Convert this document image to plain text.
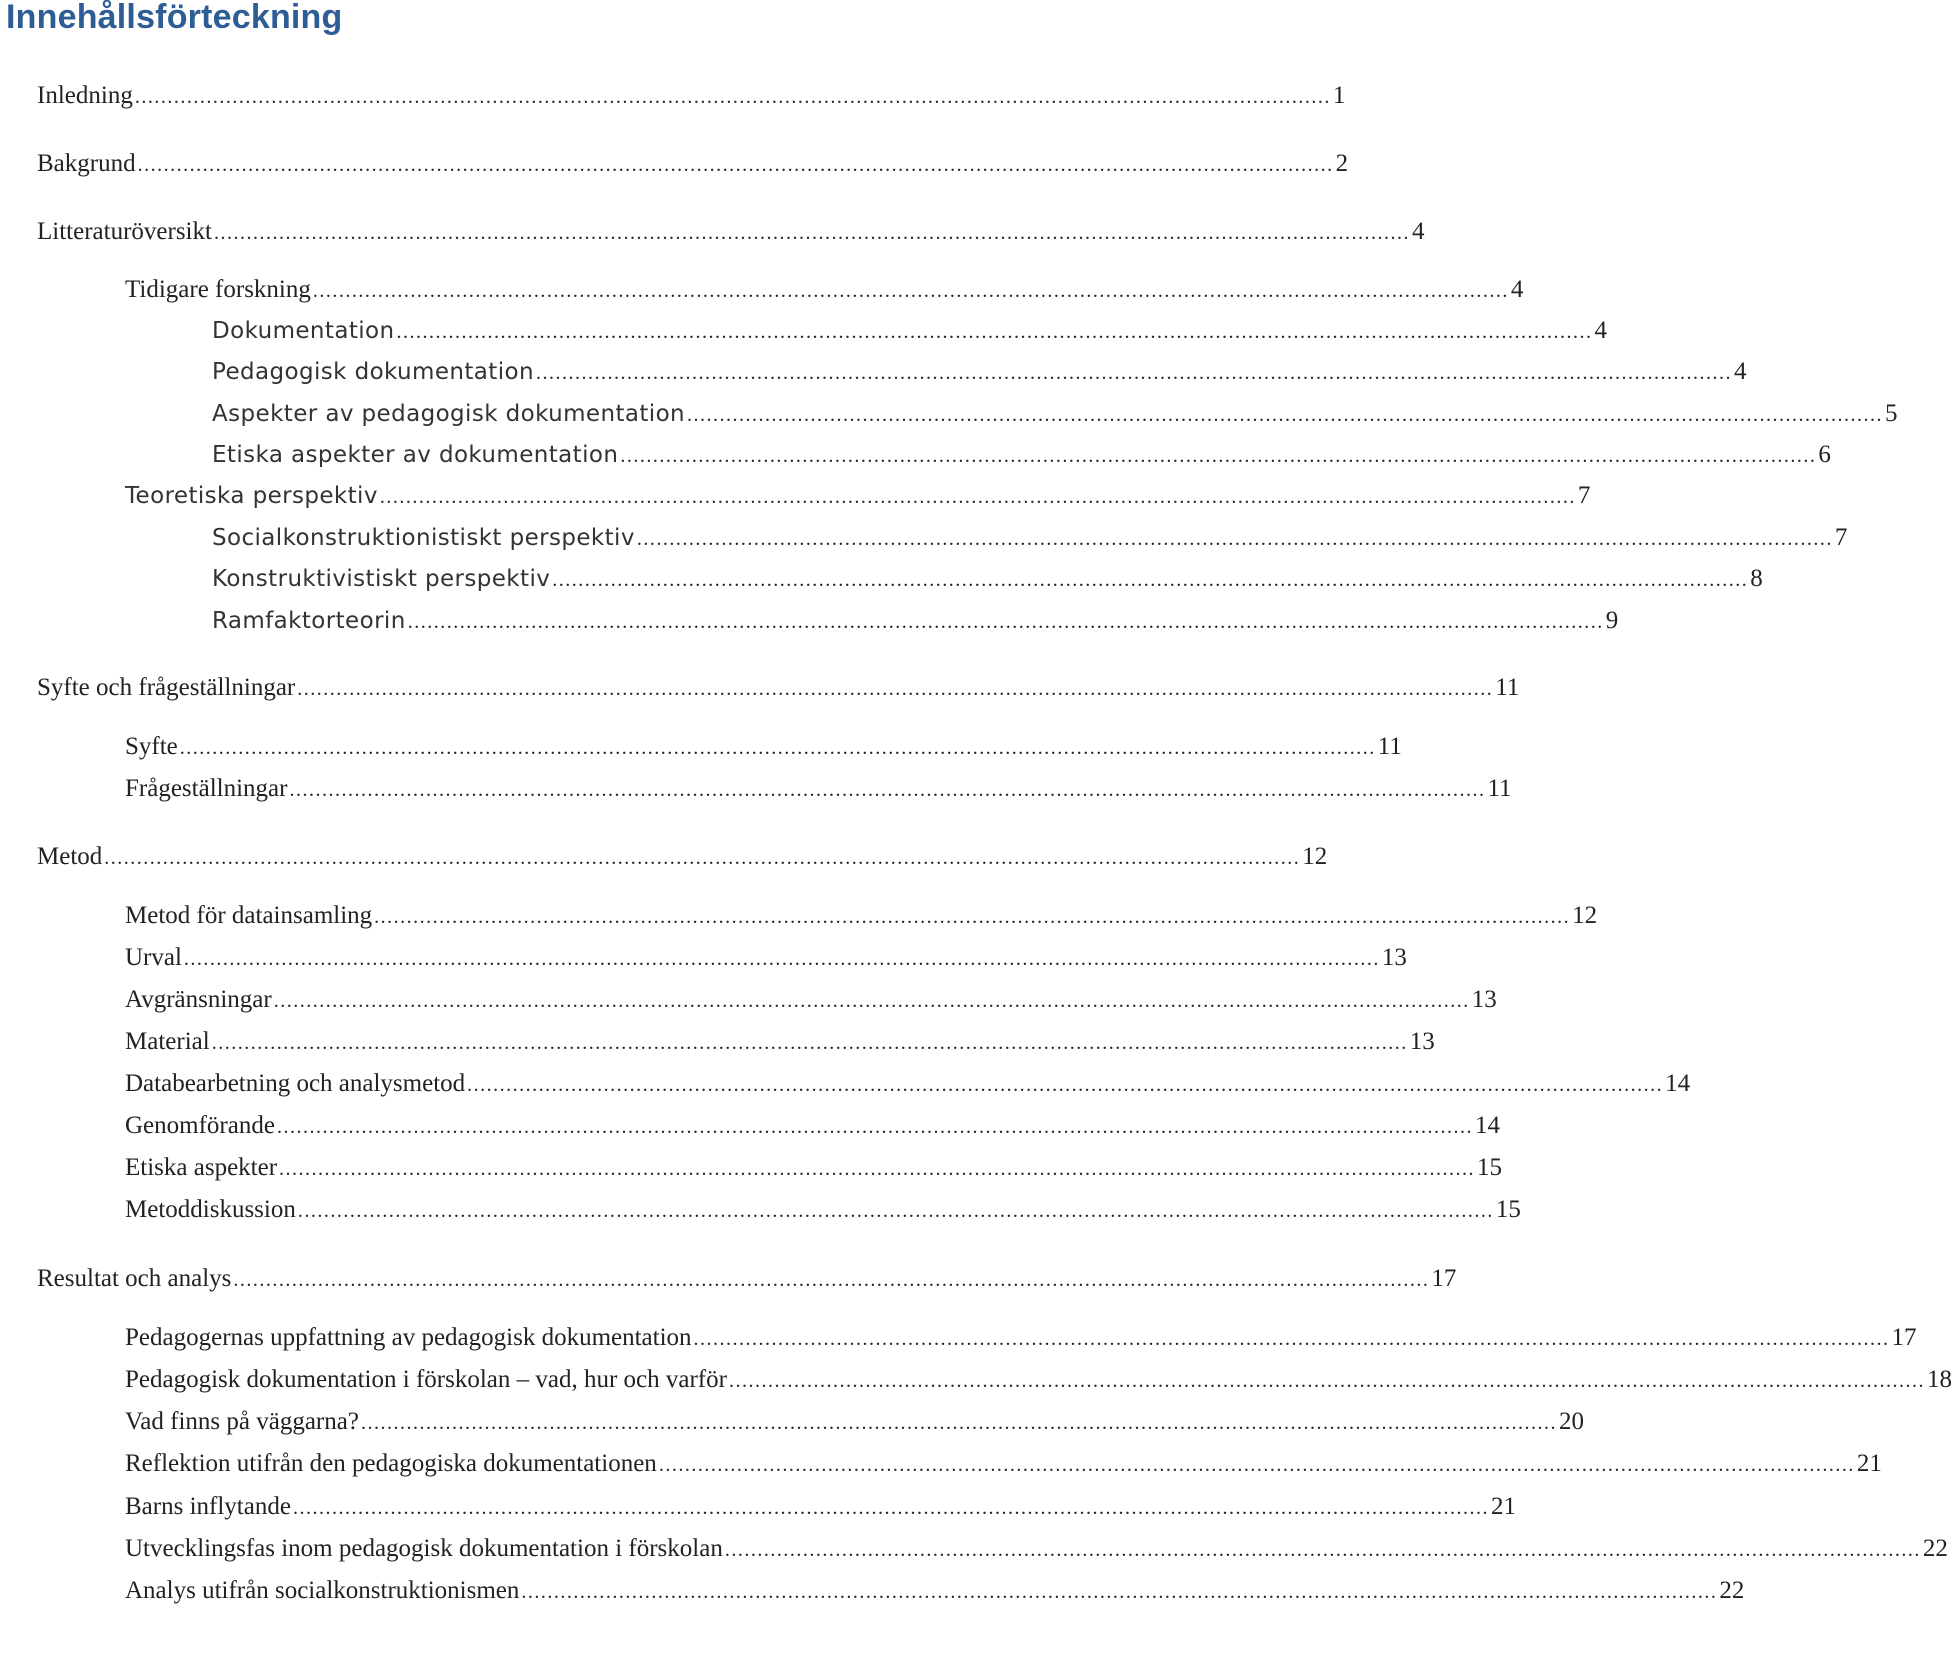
Innehållsförteckning
Inledning ........................................................................................................................................................................................ 1
Bakgrund ........................................................................................................................................................................................ 2
Litteraturöversikt ........................................................................................................................................................................................ 4
Tidigare forskning ........................................................................................................................................................................................ 4
Dokumentation ........................................................................................................................................................................................ 4
Pedagogisk dokumentation ........................................................................................................................................................................................ 4
Aspekter av pedagogisk dokumentation ........................................................................................................................................................................................ 5
Etiska aspekter av dokumentation ........................................................................................................................................................................................ 6
Teoretiska perspektiv ........................................................................................................................................................................................ 7
Socialkonstruktionistiskt perspektiv ........................................................................................................................................................................................ 7
Konstruktivistiskt perspektiv ........................................................................................................................................................................................ 8
Ramfaktorteorin ........................................................................................................................................................................................ 9
Syfte och frågeställningar ........................................................................................................................................................................................ 11
Syfte ........................................................................................................................................................................................ 11
Frågeställningar ........................................................................................................................................................................................ 11
Metod ........................................................................................................................................................................................ 12
Metod för datainsamling ........................................................................................................................................................................................ 12
Urval ........................................................................................................................................................................................ 13
Avgränsningar ........................................................................................................................................................................................ 13
Material ........................................................................................................................................................................................ 13
Databearbetning och analysmetod ........................................................................................................................................................................................ 14
Genomförande ........................................................................................................................................................................................ 14
Etiska aspekter ........................................................................................................................................................................................ 15
Metoddiskussion ........................................................................................................................................................................................ 15
Resultat och analys ........................................................................................................................................................................................ 17
Pedagogernas uppfattning av pedagogisk dokumentation ........................................................................................................................................................................................ 17
Pedagogisk dokumentation i förskolan – vad, hur och varför ........................................................................................................................................................................................ 18
Vad finns på väggarna? ........................................................................................................................................................................................ 20
Reflektion utifrån den pedagogiska dokumentationen ........................................................................................................................................................................................ 21
Barns inflytande ........................................................................................................................................................................................ 21
Utvecklingsfas inom pedagogisk dokumentation i förskolan ........................................................................................................................................................................................ 22
Analys utifrån socialkonstruktionismen ........................................................................................................................................................................................ 22
